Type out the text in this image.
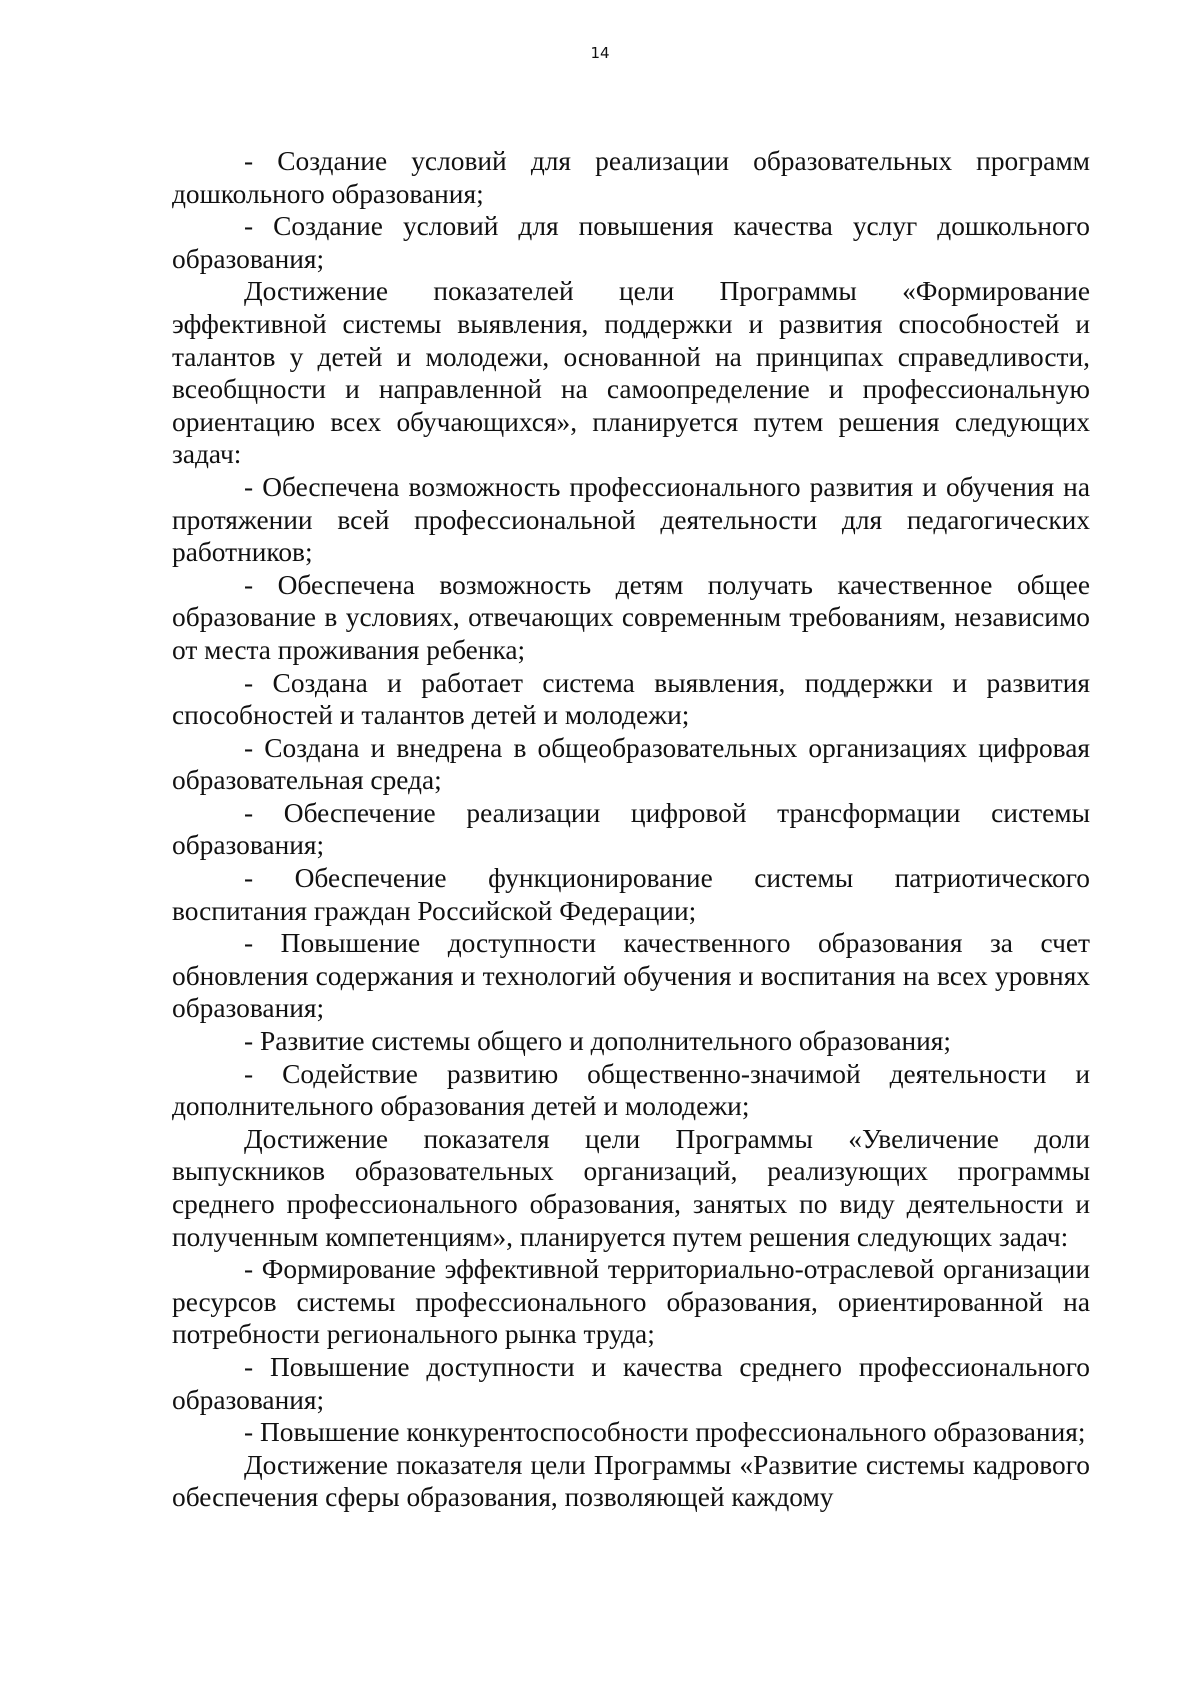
14

- Создание условий для реализации образовательных программ дошкольного образования;

- Создание условий для повышения качества услуг дошкольного образования;

Достижение показателей цели Программы «Формирование эффективной системы выявления, поддержки и развития способностей и талантов у детей и молодежи, основанной на принципах справедливости, всеобщности и направленной на самоопределение и профессиональную ориентацию всех обучающихся», планируется путем решения следующих задач:

- Обеспечена возможность профессионального развития и обучения на протяжении всей профессиональной деятельности для педагогических работников;

- Обеспечена возможность детям получать качественное общее образование в условиях, отвечающих современным требованиям, независимо от места проживания ребенка;

- Создана и работает система выявления, поддержки и развития способностей и талантов детей и молодежи;

- Создана и внедрена в общеобразовательных организациях цифровая образовательная среда;

- Обеспечение реализации цифровой трансформации системы образования;

- Обеспечение функционирование системы патриотического воспитания граждан Российской Федерации;

- Повышение доступности качественного образования за счет обновления содержания и технологий обучения и воспитания на всех уровнях образования;

- Развитие системы общего и дополнительного образования;

- Содействие развитию общественно-значимой деятельности и дополнительного образования детей и молодежи;

Достижение показателя цели Программы «Увеличение доли выпускников образовательных организаций, реализующих программы среднего профессионального образования, занятых по виду деятельности и полученным компетенциям», планируется путем решения следующих задач:

- Формирование эффективной территориально-отраслевой организации ресурсов системы профессионального образования, ориентированной на потребности регионального рынка труда;

- Повышение доступности и качества среднего профессионального образования;

- Повышение конкурентоспособности профессионального образования;

Достижение показателя цели Программы «Развитие системы кадрового обеспечения сферы образования, позволяющей каждому
